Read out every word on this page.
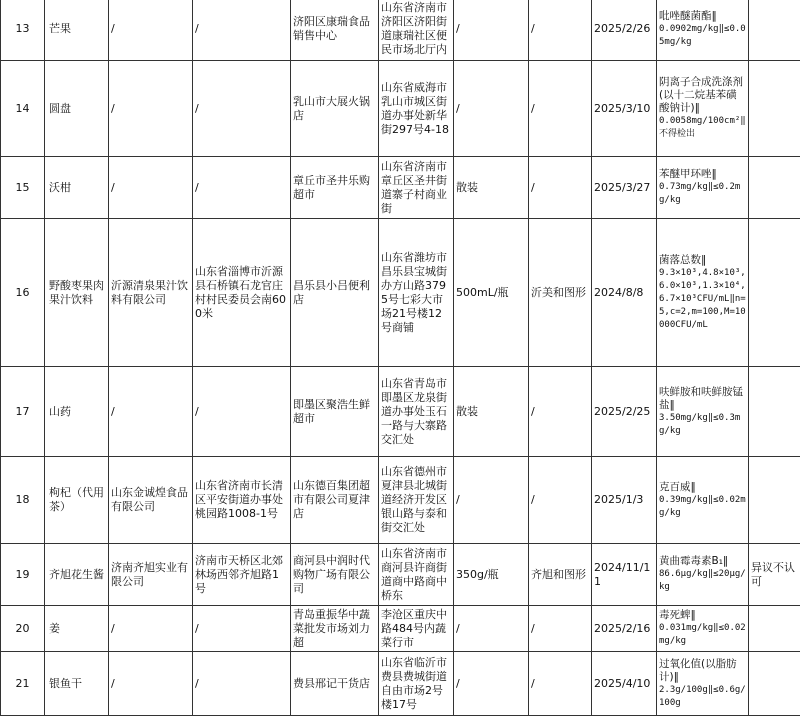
13	芒果	/	/	济阳区康瑞食品销售中心	山东省济南市济阳区济阳街道康瑞社区便民市场北厅内	/	/	2025/2/26	吡唑醚菌酯‖
0.0902mg/kg‖≤0.05mg/kg	

14	圆盘	/	/	乳山市大展火锅店	山东省威海市乳山市城区街道办事处新华街297号4-18	/	/	2025/3/10	阴离子合成洗涤剂(以十二烷基苯磺酸钠计)‖
0.0058mg/100cm²‖不得检出	

15	沃柑	/	/	章丘市圣井乐购超市	山东省济南市章丘区圣井街道寨子村商业街	散装	/	2025/3/27	苯醚甲环唑‖
0.73mg/kg‖≤0.2mg/kg	

16	野酸枣果肉果汁饮料	沂源清泉果汁饮料有限公司	山东省淄博市沂源县石桥镇石龙官庄村村民委员会南600米	昌乐县小吕便利店	山东省潍坊市昌乐县宝城街办方山路3795号七彩大市场21号楼12号商铺	500mL/瓶	沂美和图形	2024/8/8	菌落总数‖
9.3×10³,4.8×10³,6.0×10³,1.3×10⁴,6.7×10³CFU/mL‖n=5,c=2,m=100,M=10000CFU/mL	

17	山药	/	/	即墨区聚浩生鲜超市	山东省青岛市即墨区龙泉街道办事处玉石一路与大寨路交汇处	散装	/	2025/2/25	呋鲜胺和呋鲜胺锰盐‖
3.50mg/kg‖≤0.3mg/kg	

18	枸杞（代用茶）	山东金诚煌食品有限公司	山东省济南市长清区平安街道办事处桃园路1008-1号	山东德百集团超市有限公司夏津店	山东省德州市夏津县北城街道经济开发区银山路与泰和街交汇处	/	/	2025/1/3	克百威‖
0.39mg/kg‖≤0.02mg/kg	

19	齐旭花生酱	济南齐旭实业有限公司	济南市天桥区北郊林场西邻齐旭路1号	商河县中润时代购物广场有限公司	山东省济南市商河县许商街道商中路商中桥东	350g/瓶	齐旭和图形	2024/11/11	黄曲霉毒素B₁‖
86.6μg/kg‖≤20μg/kg	异议不认可
20	姜	/	/	青岛重振华中蔬菜批发市场刘力超	李沧区重庆中路484号内蔬菜行市	/	/	2025/2/16	毒死蜱‖
0.031mg/kg‖≤0.02mg/kg	

21	银鱼干	/	/	费县邢记干货店	山东省临沂市费县费城街道自由市场2号楼17号	/	/	2025/4/10	过氧化值(以脂肪计)‖
2.3g/100g‖≤0.6g/100g	
